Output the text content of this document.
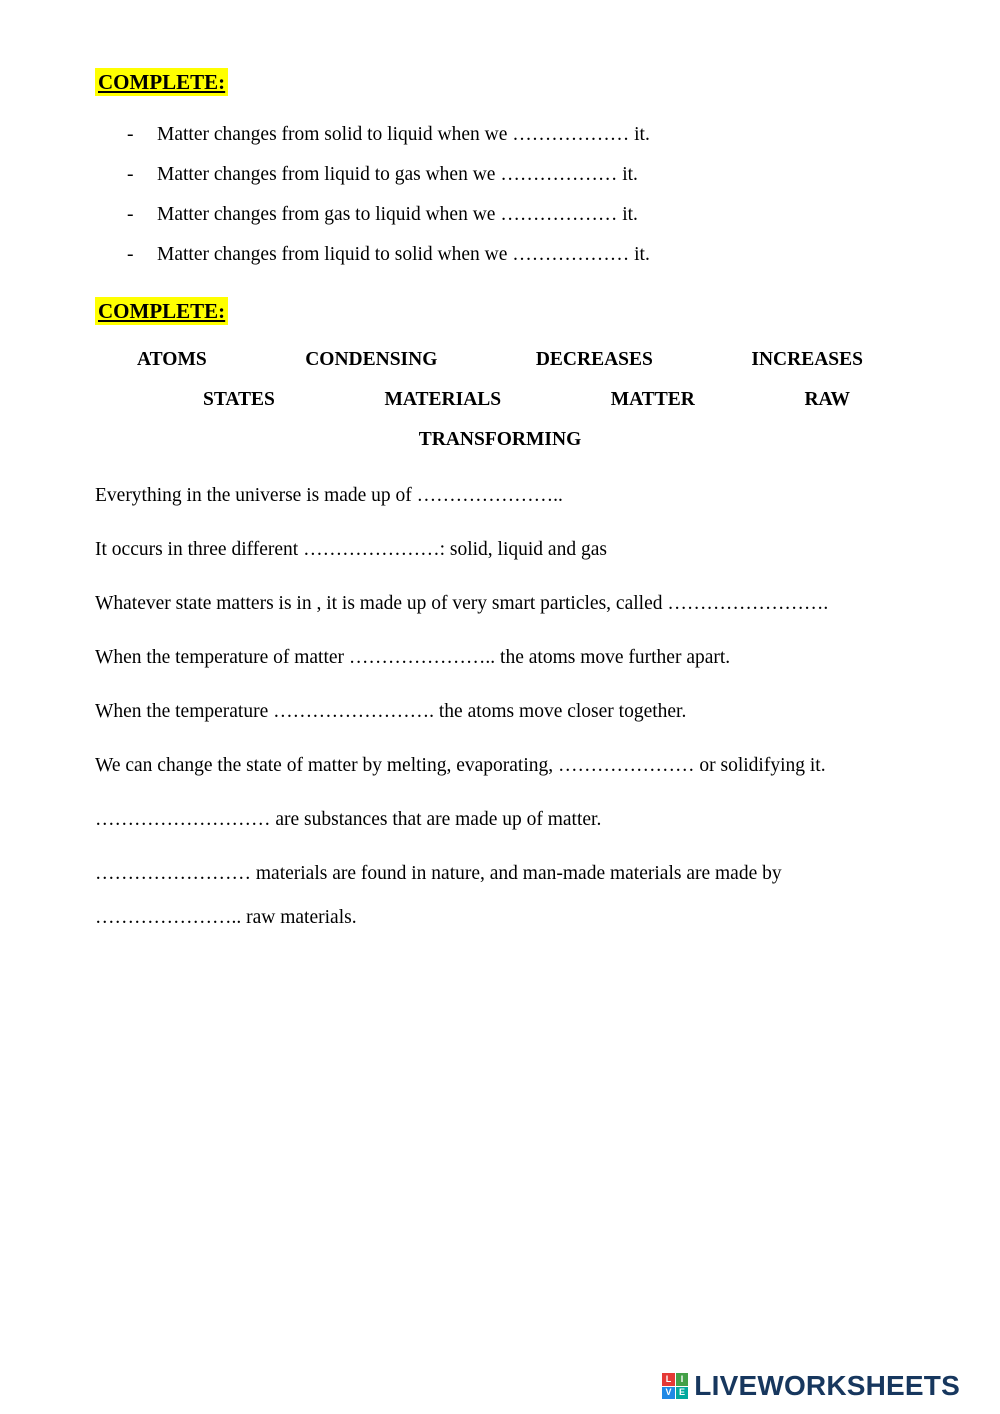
COMPLETE:
-	Matter changes from solid to liquid when we ……………… it.
-	Matter changes from liquid to gas when we ……………… it.
-	Matter changes from gas to liquid when we ……………… it.
-	Matter changes from liquid to solid when we ……………… it.
COMPLETE:
ATOMS	CONDENSING	DECREASES	INCREASES
STATES	MATERIALS	MATTER	RAW
TRANSFORMING

Everything in the universe is made up of …………………..

It occurs in three different …………………: solid, liquid and gas

Whatever state matters is in , it is made up of very smart particles, called …………………….

When the temperature of matter ………………….. the atoms move further apart.

When the temperature ……………………. the atoms move closer together.

We can change the state of matter by melting, evaporating, ………………… or solidifying it.

……………………… are substances that are made up of matter.

…………………… materials are found in nature, and man-made materials are made by ………………….. raw materials.

L	I
V E LIVEWORKSHEETS
